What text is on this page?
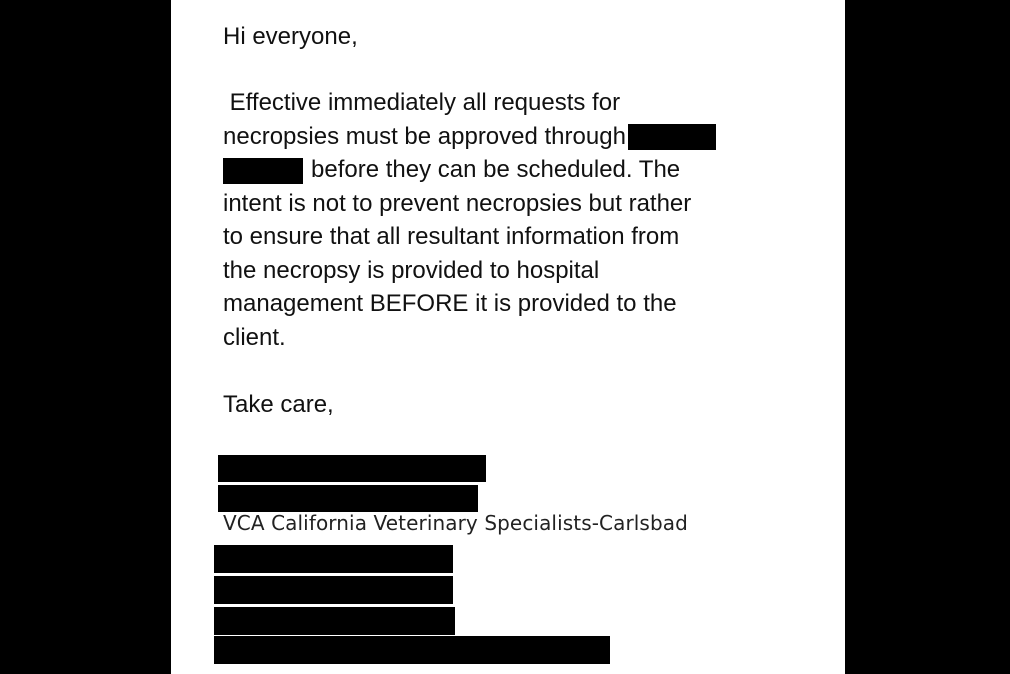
Hi everyone,
Effective immediately all requests for
necropsies must be approved through
before they can be scheduled. The
intent is not to prevent necropsies but rather
to ensure that all resultant information from
the necropsy is provided to hospital
management BEFORE it is provided to the
client.
Take care,
VCA California Veterinary Specialists-Carlsbad
